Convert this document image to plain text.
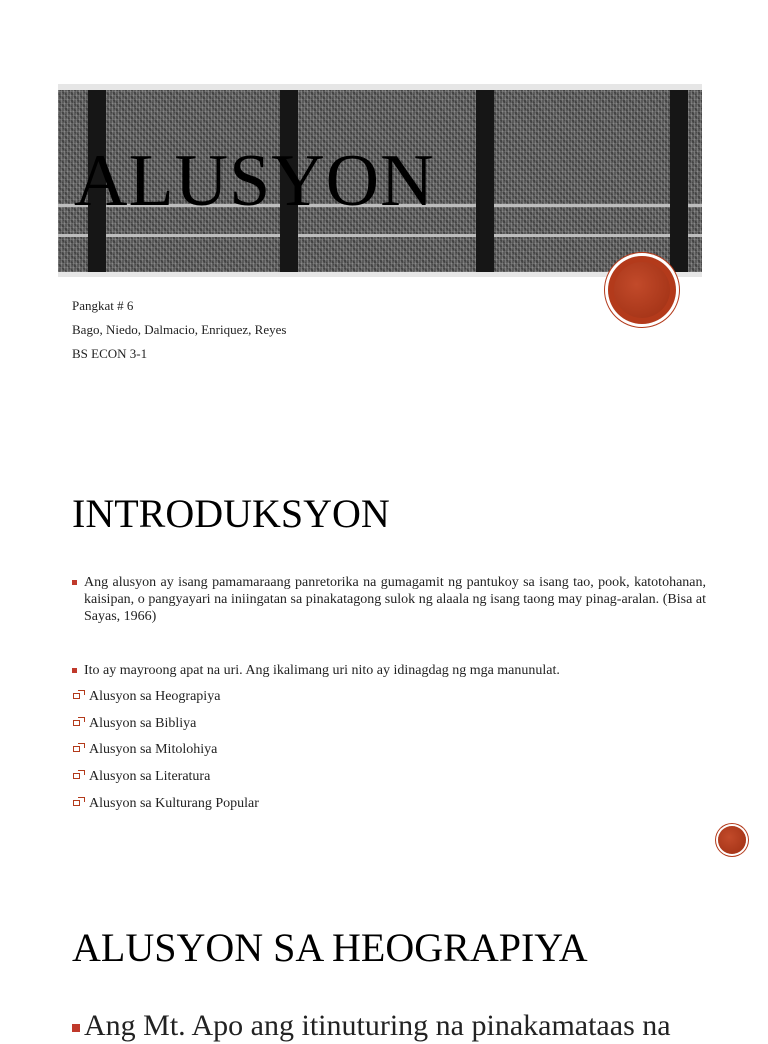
ALUSYON
Pangkat # 6
Bago, Niedo, Dalmacio, Enriquez, Reyes
BS ECON 3-1
INTRODUKSYON
Ang alusyon ay isang pamamaraang panretorika na gumagamit ng pantukoy sa isang tao, pook, katotohanan, kaisipan, o pangyayari na iniingatan sa pinakatagong sulok ng alaala ng isang taong may pinag-aralan. (Bisa at Sayas, 1966)
Ito ay mayroong apat na uri. Ang ikalimang uri nito ay idinagdag ng mga manunulat.
Alusyon sa Heograpiya
Alusyon sa Bibliya
Alusyon sa Mitolohiya
Alusyon sa Literatura
Alusyon sa Kulturang Popular
ALUSYON SA HEOGRAPIYA
Ang Mt. Apo ang itinuturing na pinakamataas na
